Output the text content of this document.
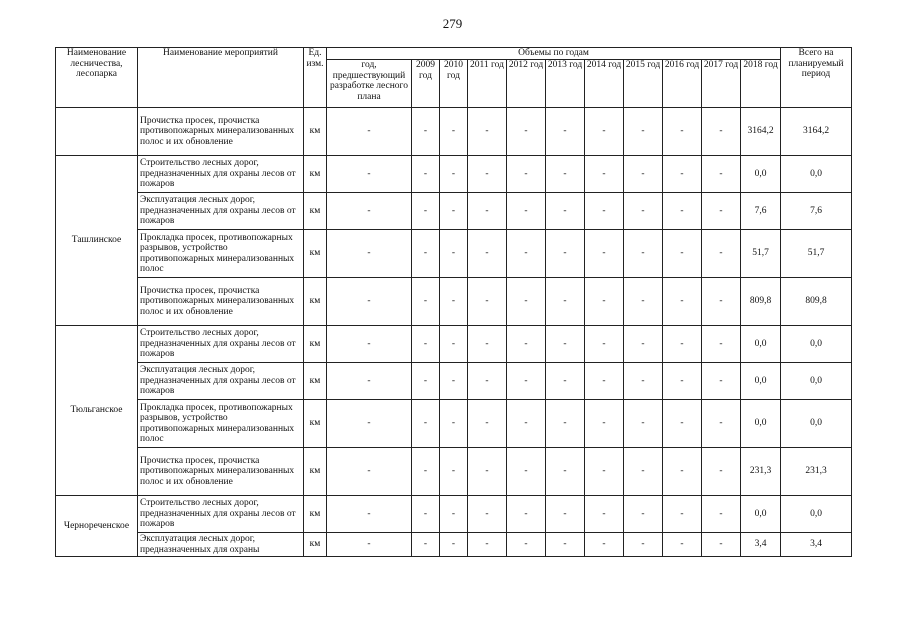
279
Наименование лесничества, лесопарка	Наименование мероприятий	Ед. изм.	Объемы по годам											Всего на планируемый период
			год, предшествующий разработке лесного плана	2009 год	2010 год	2011 год	2012 год	2013 год	2014 год	2015 год	2016 год	2017 год	2018 год	
	Прочистка просек, прочистка противопожарных минерализованных полос и их обновление	км	-	-	-	-	-	-	-	-	-	-	3164,2	3164,2
Ташлинское	Строительство лесных дорог, предназначенных для охраны лесов от пожаров	км	-	-	-	-	-	-	-	-	-	-	0,0	0,0
	Эксплуатация лесных дорог, предназначенных для охраны лесов от пожаров	км	-	-	-	-	-	-	-	-	-	-	7,6	7,6
	Прокладка просек, противопожарных разрывов, устройство противопожарных минерализованных полос	км	-	-	-	-	-	-	-	-	-	-	51,7	51,7
	Прочистка просек, прочистка противопожарных минерализованных полос и их обновление	км	-	-	-	-	-	-	-	-	-	-	809,8	809,8
Тюльганское	Строительство лесных дорог, предназначенных для охраны лесов от пожаров	км	-	-	-	-	-	-	-	-	-	-	0,0	0,0
	Эксплуатация лесных дорог, предназначенных для охраны лесов от пожаров	км	-	-	-	-	-	-	-	-	-	-	0,0	0,0
	Прокладка просек, противопожарных разрывов, устройство противопожарных минерализованных полос	км	-	-	-	-	-	-	-	-	-	-	0,0	0,0
	Прочистка просек, прочистка противопожарных минерализованных полос и их обновление	км	-	-	-	-	-	-	-	-	-	-	231,3	231,3
Чернореченское	Строительство лесных дорог, предназначенных для охраны лесов от пожаров	км	-	-	-	-	-	-	-	-	-	-	0,0	0,0
	Эксплуатация лесных дорог, предназначенных для охраны	км	-	-	-	-	-	-	-	-	-	-	3,4	3,4
